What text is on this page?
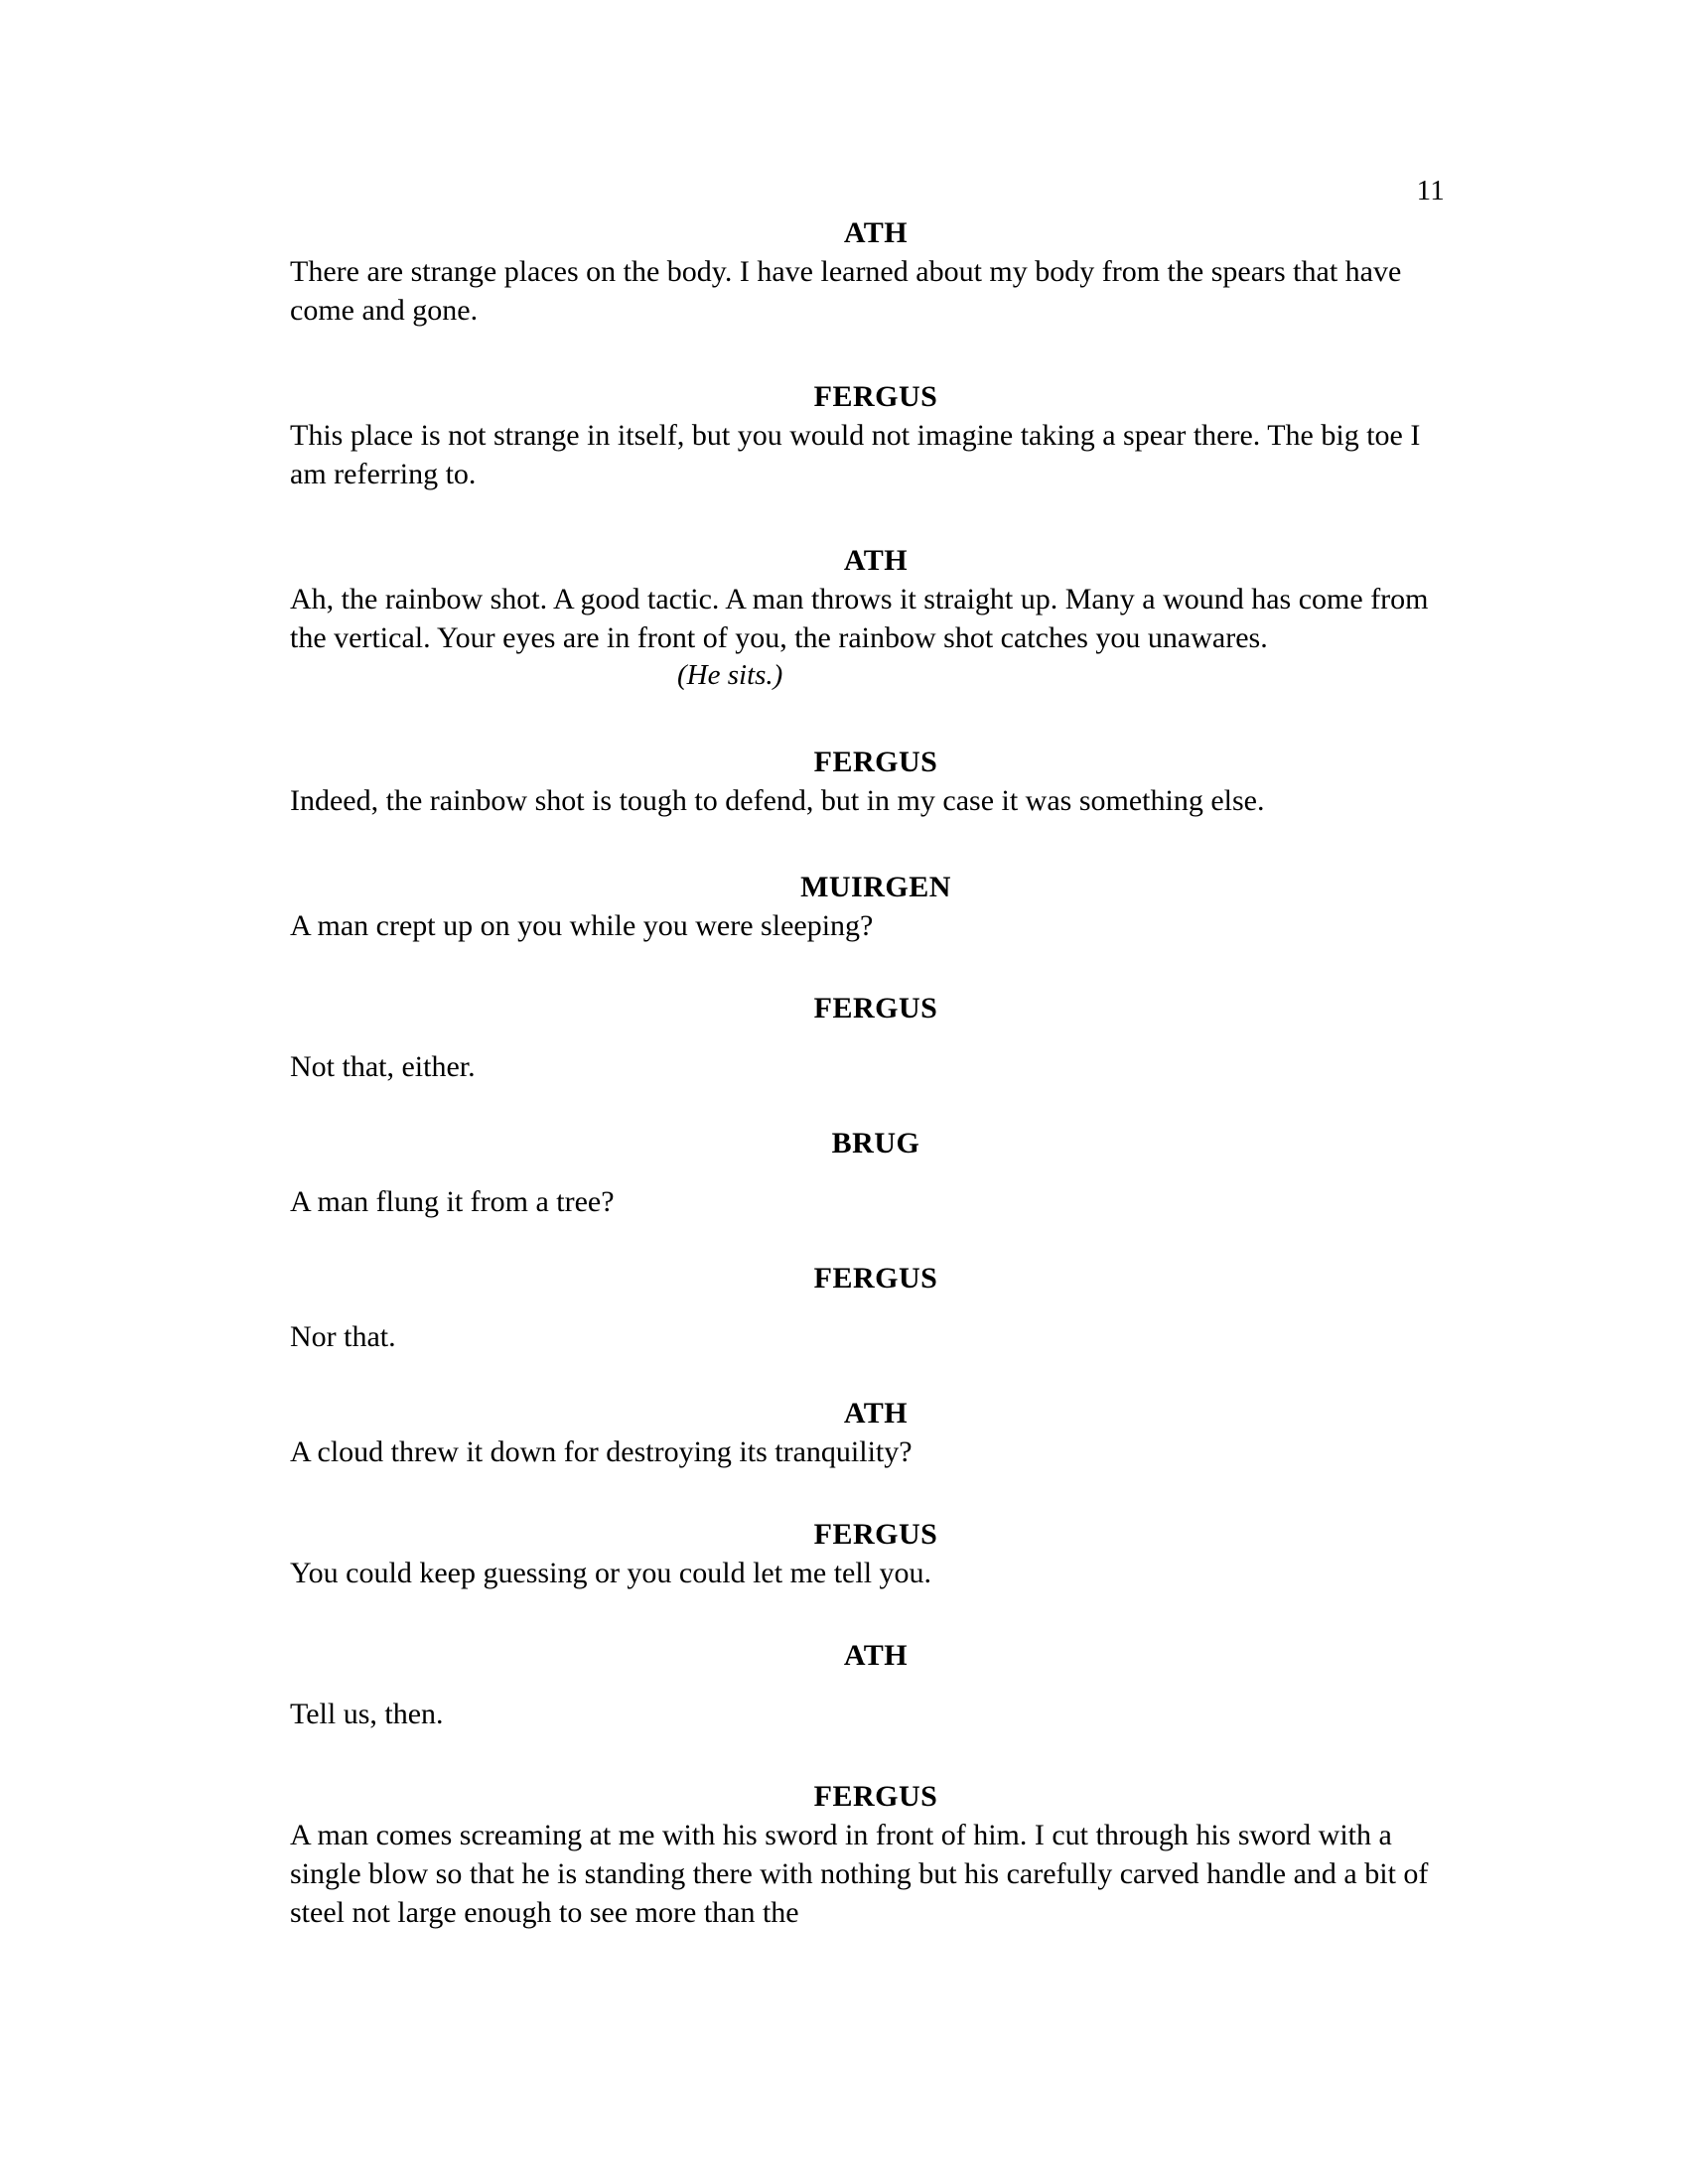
11
ATH
There are strange places on the body. I have learned about my body from the spears that have come and gone.
FERGUS
This place is not strange in itself, but you would not imagine taking a spear there. The big toe I am referring to.
ATH
Ah, the rainbow shot. A good tactic. A man throws it straight up. Many a wound has come from the vertical. Your eyes are in front of you, the rainbow shot catches you unawares.
(He sits.)
FERGUS
Indeed, the rainbow shot is tough to defend, but in my case it was something else.
MUIRGEN
A man crept up on you while you were sleeping?
FERGUS
Not that, either.
BRUG
A man flung it from a tree?
FERGUS
Nor that.
ATH
A cloud threw it down for destroying its tranquility?
FERGUS
You could keep guessing or you could let me tell you.
ATH
Tell us, then.
FERGUS
A man comes screaming at me with his sword in front of him. I cut through his sword with a single blow so that he is standing there with nothing but his carefully carved handle and a bit of steel not large enough to see more than the
